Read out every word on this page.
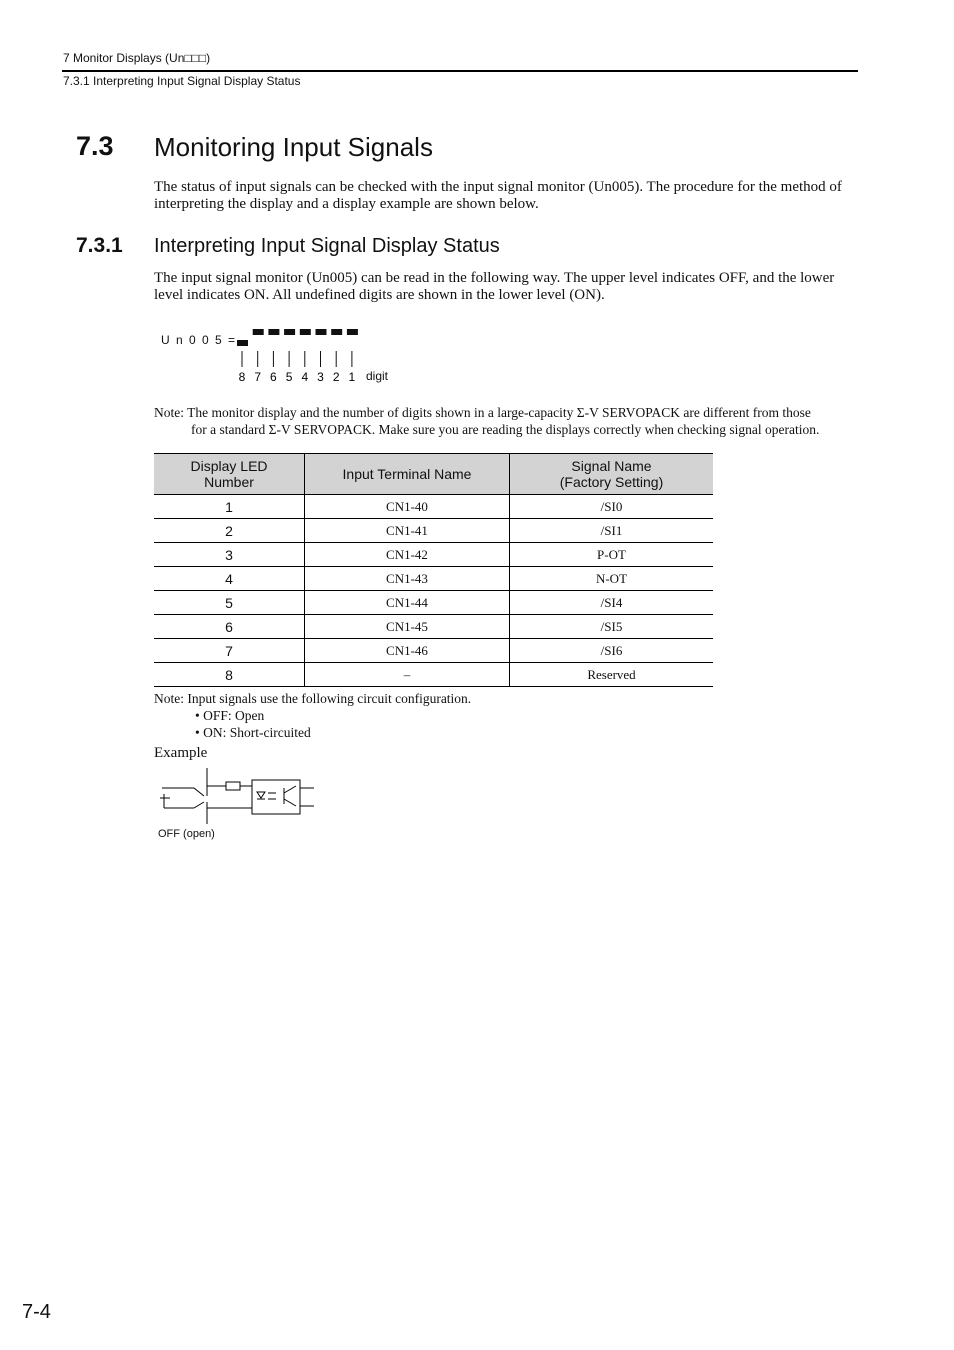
7 Monitor Displays (Un□□□)
7.3.1 Interpreting Input Signal Display Status
7.3 Monitoring Input Signals
The status of input signals can be checked with the input signal monitor (Un005). The procedure for the method of interpreting the display and a display example are shown below.
7.3.1 Interpreting Input Signal Display Status
The input signal monitor (Un005) can be read in the following way. The upper level indicates OFF, and the lower level indicates ON. All undefined digits are shown in the lower level (ON).
U n 0 0 5 =
8 7 6 5 4 3 2 1 digit
Note: The monitor display and the number of digits shown in a large-capacity Σ-V SERVOPACK are different from those
for a standard Σ-V SERVOPACK. Make sure you are reading the displays correctly when checking signal operation.
Display LED
Number	Input Terminal Name	Signal Name
(Factory Setting)
1	CN1-40	/SI0
2	CN1-41	/SI1
3	CN1-42	P-OT
4	CN1-43	N-OT
5	CN1-44	/SI4
6	CN1-45	/SI5
7	CN1-46	/SI6
8	–	Reserved
Note: Input signals use the following circuit configuration.
• OFF: Open
• ON: Short-circuited
Example
OFF (open)
7-4
